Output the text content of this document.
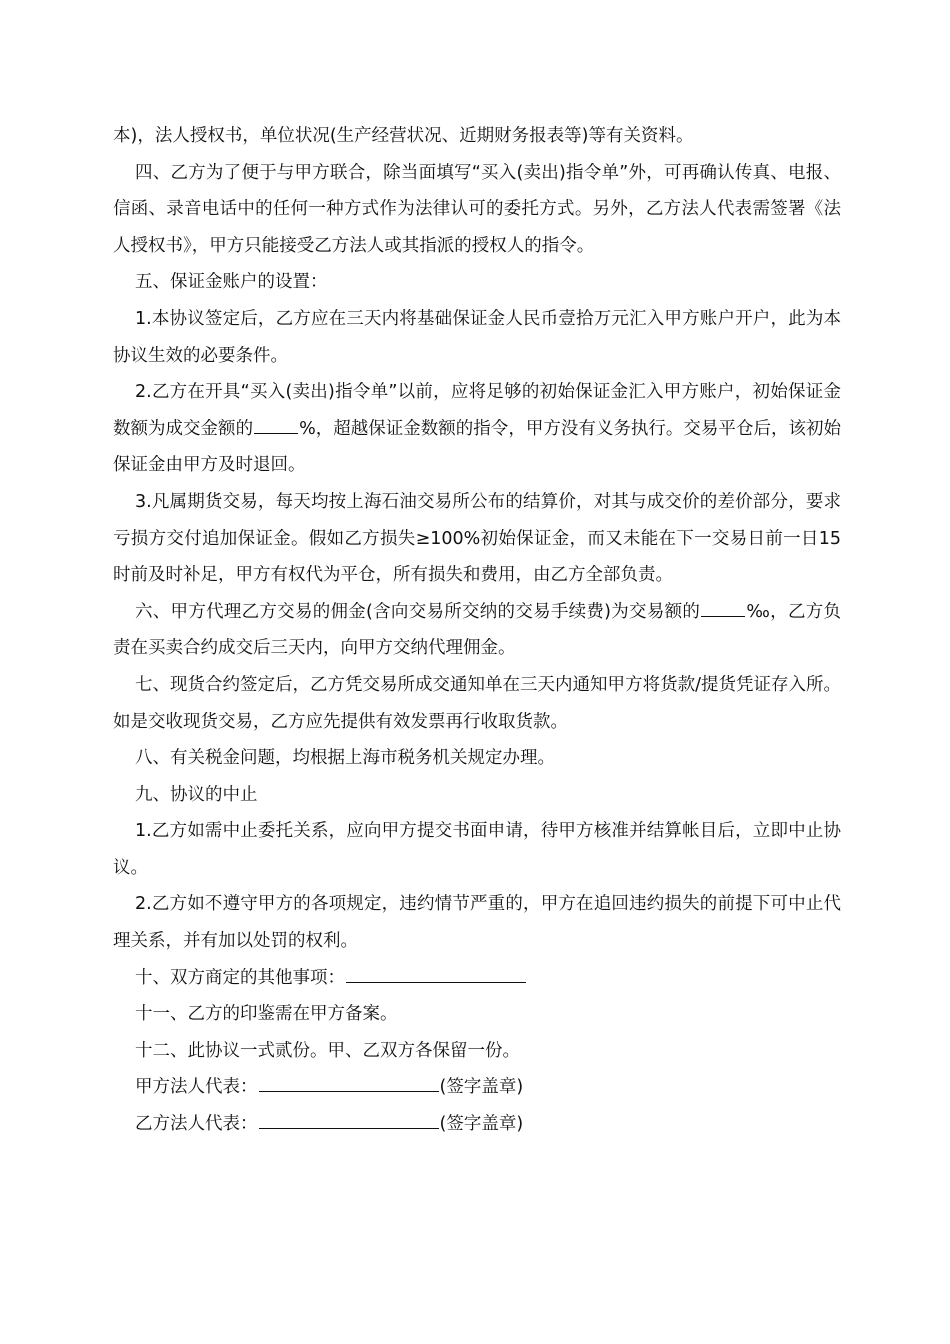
本)，法人授权书，单位状况(生产经营状况、近期财务报表等)等有关资料。

四、乙方为了便于与甲方联合，除当面填写“买入(卖出)指令单”外，可再确认传真、电报、信函、录音电话中的任何一种方式作为法律认可的委托方式。另外，乙方法人代表需签署《法人授权书》，甲方只能接受乙方法人或其指派的授权人的指令。

五、保证金账户的设置：

1.本协议签定后，乙方应在三天内将基础保证金人民币壹拾万元汇入甲方账户开户，此为本协议生效的必要条件。

2.乙方在开具“买入(卖出)指令单”以前，应将足够的初始保证金汇入甲方账户，初始保证金数额为成交金额的	%，超越保证金数额的指令，甲方没有义务执行。交易平仓后，该初始保证金由甲方及时退回。

3.凡属期货交易，每天均按上海石油交易所公布的结算价，对其与成交价的差价部分，要求亏损方交付追加保证金。假如乙方损失≥100%初始保证金，而又未能在下一交易日前一日15时前及时补足，甲方有权代为平仓，所有损失和费用，由乙方全部负责。

六、甲方代理乙方交易的佣金(含向交易所交纳的交易手续费)为交易额的	‰，乙方负责在买卖合约成交后三天内，向甲方交纳代理佣金。

七、现货合约签定后，乙方凭交易所成交通知单在三天内通知甲方将货款/提货凭证存入所。如是交收现货交易，乙方应先提供有效发票再行收取货款。

八、有关税金问题，均根据上海市税务机关规定办理。

九、协议的中止

1.乙方如需中止委托关系，应向甲方提交书面申请，待甲方核准并结算帐目后，立即中止协议。

2.乙方如不遵守甲方的各项规定，违约情节严重的，甲方在追回违约损失的前提下可中止代理关系，并有加以处罚的权利。

十、双方商定的其他事项：

十一、乙方的印鉴需在甲方备案。

十二、此协议一式贰份。甲、乙双方各保留一份。

甲方法人代表：	(签字盖章)

乙方法人代表：	(签字盖章)
